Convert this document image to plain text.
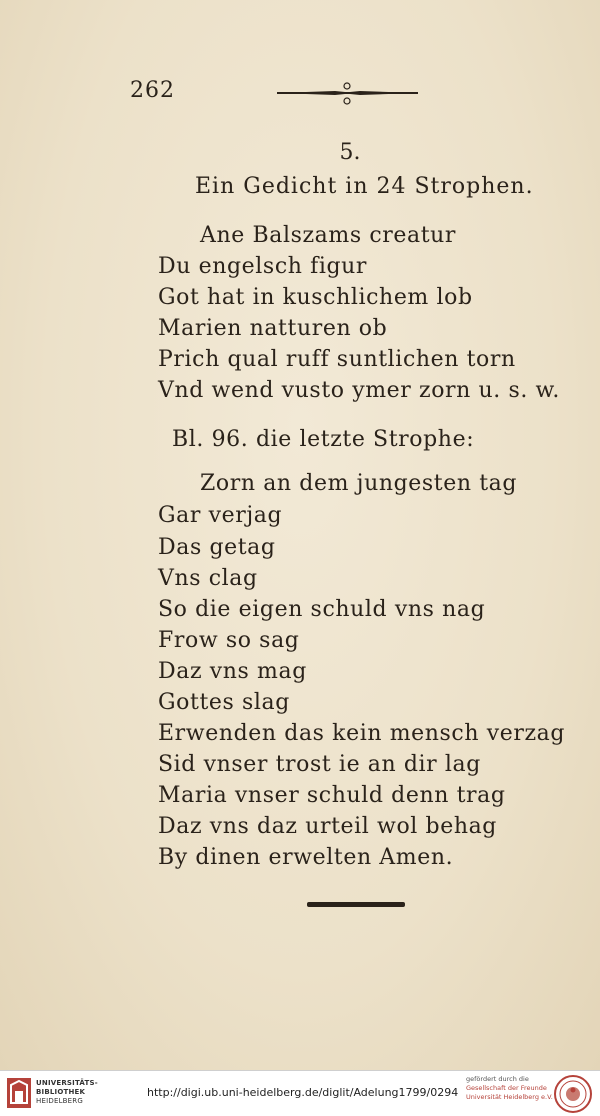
262
5.
Ein Gedicht in 24 Strophen.
Ane Balszams creatur
Du engelsch figur
Got hat in kuschlichem lob
Marien natturen ob
Prich qual ruff suntlichen torn
Vnd wend vusto ymer zorn u. s. w.
Bl. 96. die letzte Strophe:
Zorn an dem jungesten tag
Gar verjag
Das getag
Vns clag
So die eigen schuld vns nag
Frow so sag
Daz vns mag
Gottes slag
Erwenden das kein mensch verzag
Sid vnser trost ie an dir lag
Maria vnser schuld denn trag
Daz vns daz urteil wol behag
By dinen erwelten Amen.
UNIVERSITÄTS-
BIBLIOTHEK
HEIDELBERG
http://digi.ub.uni-heidelberg.de/diglit/Adelung1799/0294
gefördert durch die
Gesellschaft der Freunde
Universität Heidelberg e.V.
